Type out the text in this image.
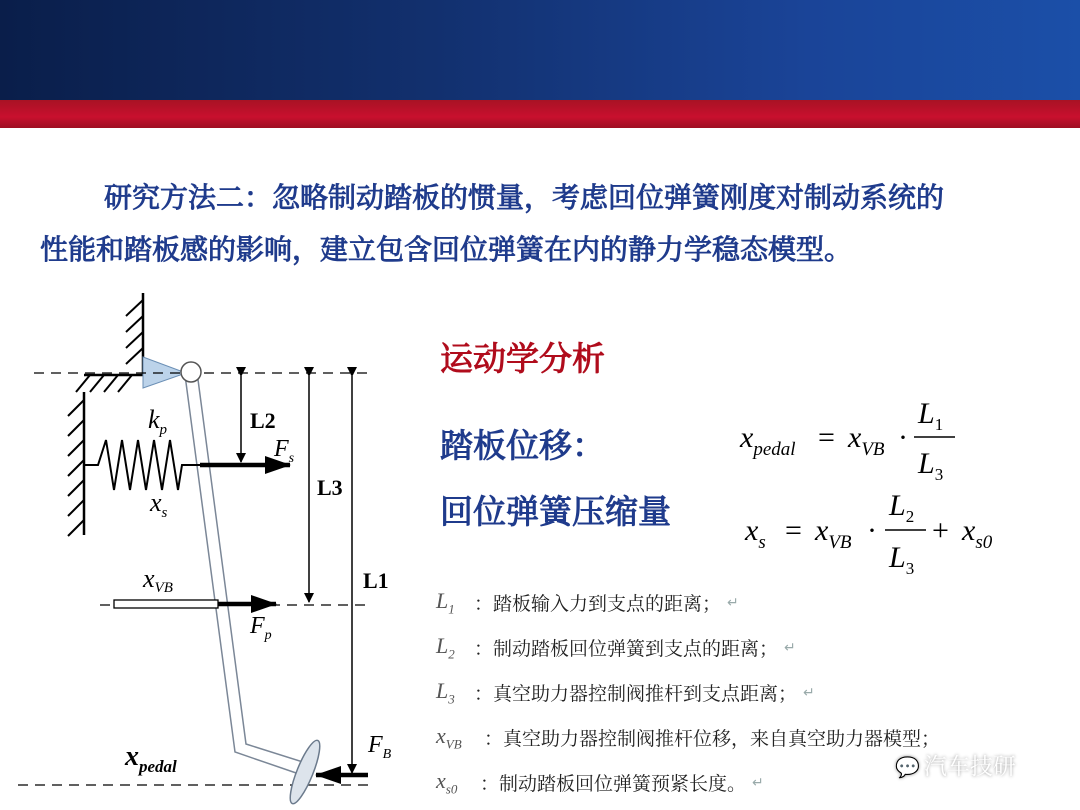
研究方法二：忽略制动踏板的惯量，考虑回位弹簧刚度对制动系统的
性能和踏板感的影响，建立包含回位弹簧在内的静力学稳态模型。
L2
L3
L1
$k_p$
$F_s$
$x_s$
xVB
$F_p$
$F_B$
$x_{pedal}$
运动学分析
踏板位移：
回位弹簧压缩量
$x_{pedal} = x_{VB}$ ·
$L_1$
$L_3$
$x_s = x_{VB}$ ·
$L_2$
$L_3$
+ $x_{s0}$
$L_1$	：踏板输入力到支点的距离； ↵
$L_2$	：制动踏板回位弹簧到支点的距离； ↵
$L_3$	：真空助力器控制阀推杆到支点距离； ↵
$x_{VB}$	：真空助力器控制阀推杆位移，来自真空助力器模型；
$x_{s0}$	：制动踏板回位弹簧预紧长度。 ↵
💬 汽车技研
